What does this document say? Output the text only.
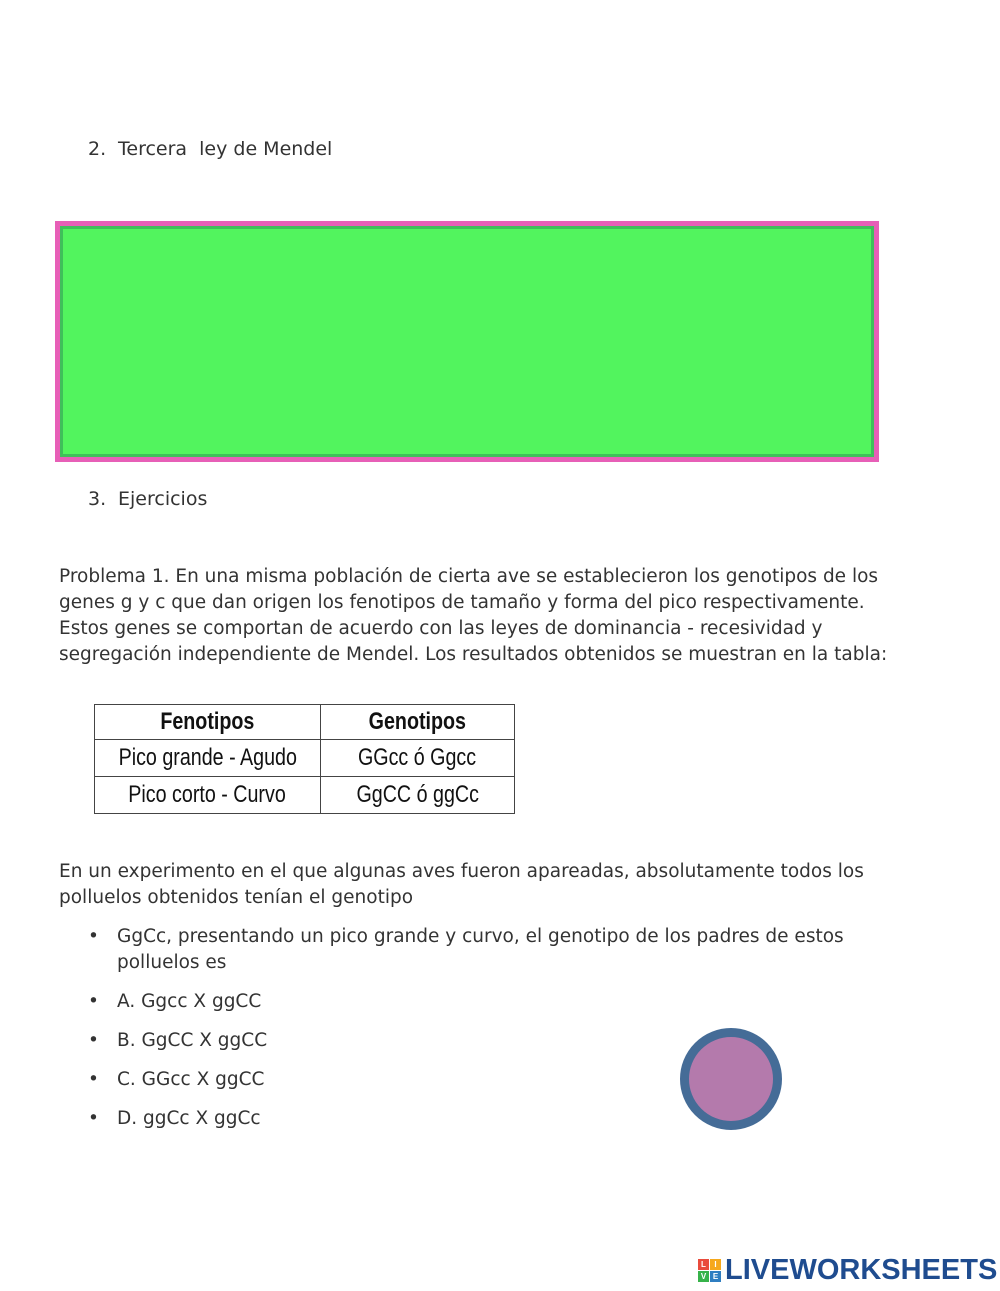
2. Tercera  ley de Mendel
3. Ejercicios
Problema 1. En una misma población de cierta ave se establecieron los genotipos de los
genes g y c que dan origen los fenotipos de tamaño y forma del pico respectivamente.
Estos genes se comportan de acuerdo con las leyes de dominancia - recesividad y
segregación independiente de Mendel. Los resultados obtenidos se muestran en la tabla:
Fenotipos	Genotipos
Pico grande - Agudo	GGcc ó Ggcc
Pico corto - Curvo	GgCC ó ggCc
En un experimento en el que algunas aves fueron apareadas, absolutamente todos los
polluelos obtenidos tenían el genotipo
• GgCc, presentando un pico grande y curvo, el genotipo de los padres de estos polluelos es
• A. Ggcc X ggCC
• B. GgCC X ggCC
• C. GGcc X ggCC
• D. ggCc X ggCc
L	I
V E LIVEWORKSHEETS
